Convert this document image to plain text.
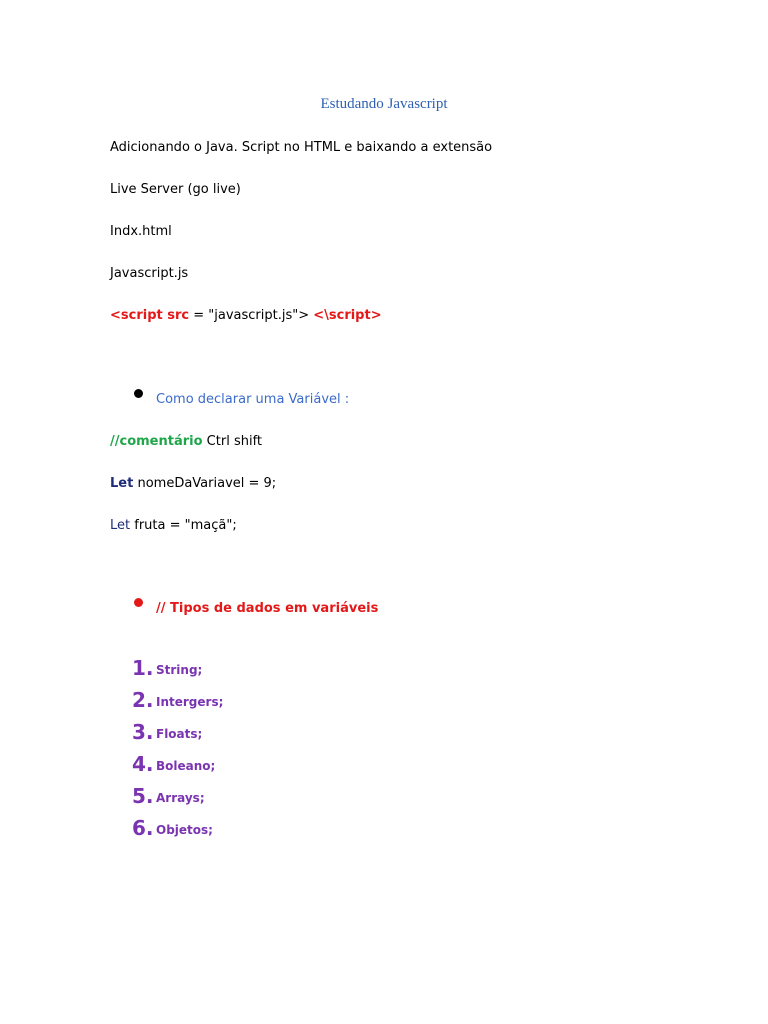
Estudando Javascript
Adicionando o Java. Script no HTML e baixando a extensão
Live Server (go live)
Indx.html
Javascript.js
<script src = "javascript.js"> <\script>
Como declarar uma Variável :
//comentário Ctrl shift
Let nomeDaVariavel = 9;
Let fruta = "maçã";
// Tipos de dados em variáveis
1. String;
2. Intergers;
3. Floats;
4. Boleano;
5. Arrays;
6. Objetos;
